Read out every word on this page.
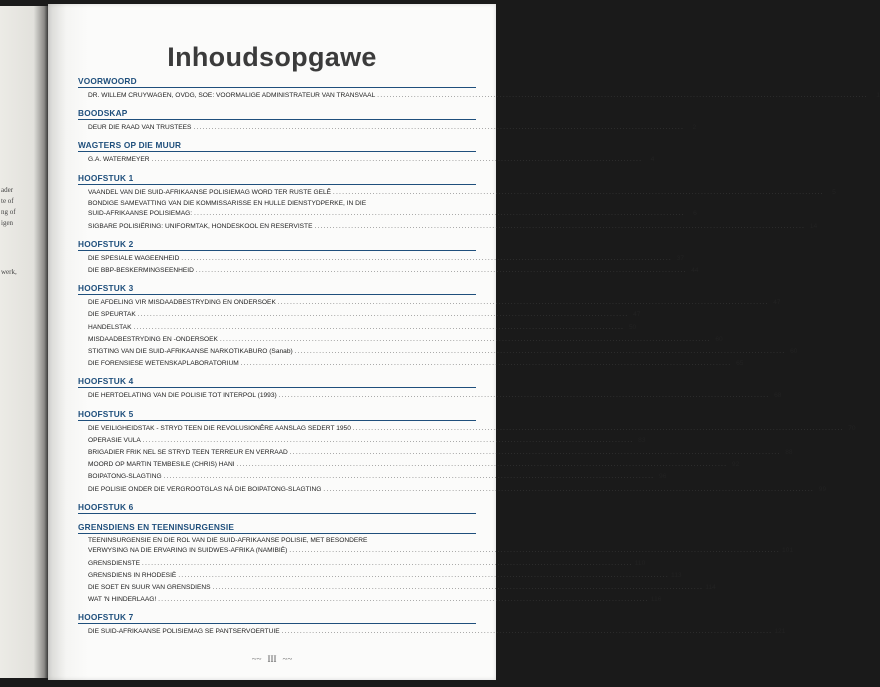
ader
te of
ng of
igen
werk,
Inhoudsopgawe
VOORWOORD
DR. WILLEM CRUYWAGEN, OVDG, SOE: VOORMALIGE ADMINISTRATEUR VAN TRANSVAAL .....	1
BOODSKAP
DEUR DIE RAAD VAN TRUSTEES .....	2
WAGTERS OP DIE MUUR
G.A. WATERMEYER .....	4
HOOFSTUK 1
VAANDEL VAN DIE SUID-AFRIKAANSE POLISIEMAG WORD TER RUSTE GELÊ .....	5
BONDIGE SAMEVATTING VAN DIE KOMMISSARISSE EN HULLE DIENSTYDPERKE, IN DIE
SUID-AFRIKAANSE POLISIEMAG: .....	6
SIGBARE POLISIËRING: UNIFORMTAK, HONDESKOOL EN RESERVISTE .....	14
HOOFSTUK 2
DIE SPESIALE WAGEENHEID .....	37
DIE BBP-BESKERMINGSEENHEID .....	44
HOOFSTUK 3
DIE AFDELING VIR MISDAADBESTRYDING EN ONDERSOEK .....	47
DIE SPEURTAK .....	47
HANDELSTAK .....	50
MISDAADBESTRYDING EN -ONDERSOEK .....	60
STIGTING VAN DIE SUID-AFRIKAANSE NARKOTIKABURO (Sanab) .....	60
DIE FORENSIESE WETENSKAPLABORATORIUM .....	65
HOOFSTUK 4
DIE HERTOELATING VAN DIE POLISIE TOT INTERPOL (1993) .....	68
HOOFSTUK 5
DIE VEILIGHEIDSTAK - STRYD TEEN DIE REVOLUSIONÊRE AANSLAG SEDERT 1950 .....	70
OPERASIE VULA .....	83
BRIGADIER FRIK NEL SE STRYD TEEN TERREUR EN VERRAAD .....	88
MOORD OP MARTIN TEMBESILE (CHRIS) HANI .....	92
BOIPATONG-SLAGTING .....	96
DIE POLISIE ONDER DIE VERGROOTGLAS NÁ DIE BOIPATONG-SLAGTING .....	99
HOOFSTUK 6
GRENSDIENS EN TEENINSURGENSIE
TEENINSURGENSIE EN DIE ROL VAN DIE SUID-AFRIKAANSE POLISIE, MET BESONDERE
VERWYSING NA DIE ERVARING IN SUIDWES-AFRIKA (NAMIBIË) .....	101
GRENSDIENSTE .....	110
GRENSDIENS IN RHODESIË .....	113
DIE SOET EN SUUR VAN GRENSDIENS .....	114
WAT 'N HINDERLAAG! .....	116
HOOFSTUK 7
DIE SUID-AFRIKAANSE POLISIEMAG SE PANTSERVOERTUIE .....	121
~~ III ~~
